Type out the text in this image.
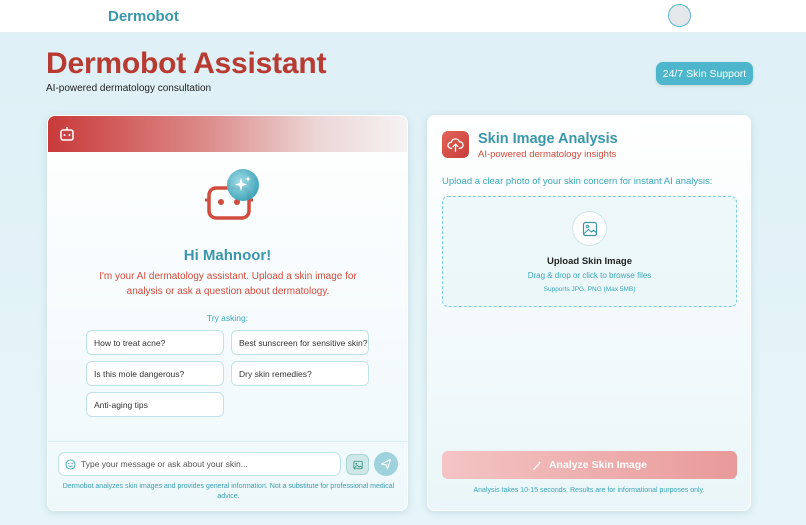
Dermobot
Dermobot Assistant
AI-powered dermatology consultation
24/7 Skin Support
Hi Mahnoor!
I'm your AI dermatology assistant. Upload a skin image for analysis or ask a question about dermatology.
Try asking:
How to treat acne?	Best sunscreen for sensitive skin?
Is this mole dangerous?	Dry skin remedies?
Anti-aging tips
Type your message or ask about your skin...
Dermobot analyzes skin images and provides general information. Not a substitute for professional medical advice.
Skin Image Analysis
AI-powered dermatology insights
Upload a clear photo of your skin concern for instant AI analysis:
Upload Skin Image
Drag & drop or click to browse files
Supports JPG, PNG (Max 5MB)
Analyze Skin Image
Analysis takes 10-15 seconds. Results are for informational purposes only.
